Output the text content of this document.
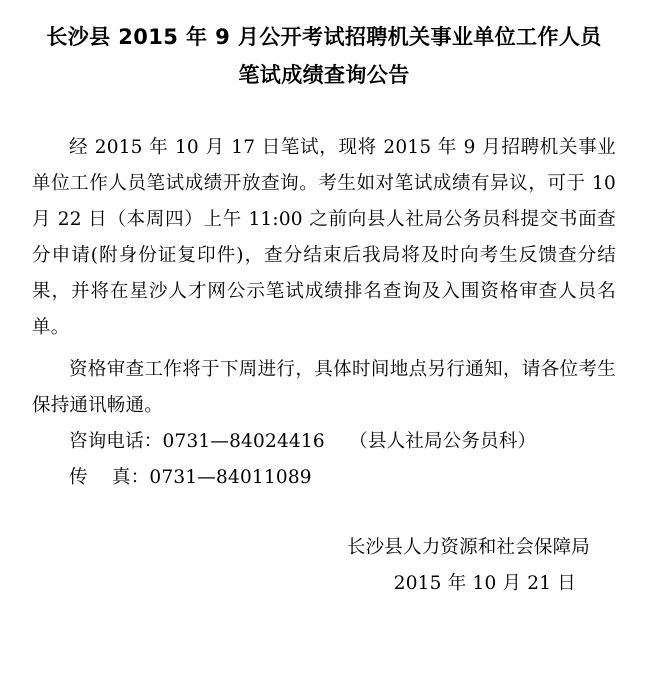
长沙县 2015 年 9 月公开考试招聘机关事业单位工作人员
笔试成绩查询公告

经 2015 年 10 月 17 日笔试，现将 2015 年 9 月招聘机关事业单位工作人员笔试成绩开放查询。考生如对笔试成绩有异议，可于 10 月 22 日（本周四）上午 11:00 之前向县人社局公务员科提交书面查分申请(附身份证复印件)，查分结束后我局将及时向考生反馈查分结果，并将在星沙人才网公示笔试成绩排名查询及入围资格审查人员名单。

资格审查工作将于下周进行，具体时间地点另行通知，请各位考生保持通讯畅通。

咨询电话：0731—84024416    （县人社局公务员科）

传    真：0731—84011089

长沙县人力资源和社会保障局
2015 年 10 月 21 日
